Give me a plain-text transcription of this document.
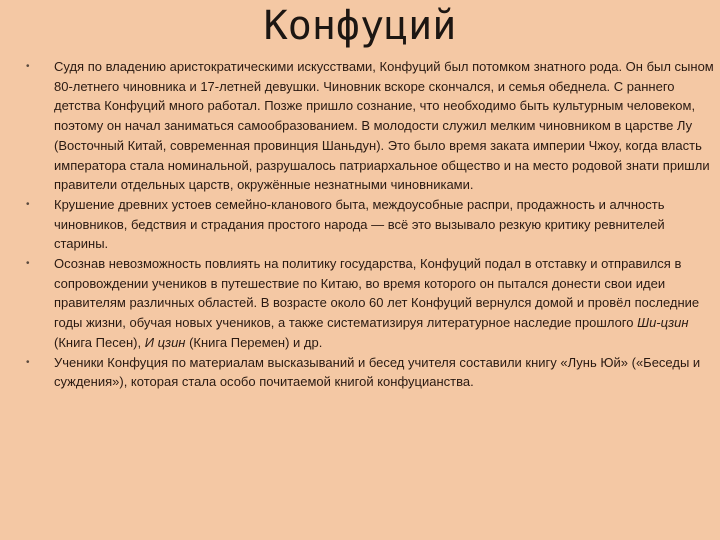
Конфуций
•	Судя по владению аристократическими искусствами, Конфуций был потомком знатного рода. Он был сыном 80-летнего чиновника и 17-летней девушки. Чиновник вскоре скончался, и семья обеднела. С раннего детства Конфуций много работал. Позже пришло сознание, что необходимо быть культурным человеком, поэтому он начал заниматься самообразованием. В молодости служил мелким чиновником в царстве Лу (Восточный Китай, современная провинция Шаньдун). Это было время заката империи Чжоу, когда власть императора стала номинальной, разрушалось патриархальное общество и на место родовой знати пришли правители отдельных царств, окружённые незнатными чиновниками.
•	Крушение древних устоев семейно-кланового быта, междоусобные распри, продажность и алчность чиновников, бедствия и страдания простого народа — всё это вызывало резкую критику ревнителей старины.
•	Осознав невозможность повлиять на политику государства, Конфуций подал в отставку и отправился в сопровождении учеников в путешествие по Китаю, во время которого он пытался донести свои идеи правителям различных областей. В возрасте около 60 лет Конфуций вернулся домой и провёл последние годы жизни, обучая новых учеников, а также систематизируя литературное наследие прошлого Ши-цзин (Книга Песен), И цзин (Книга Перемен) и др.
•	Ученики Конфуция по материалам высказываний и бесед учителя составили книгу «Лунь Юй» («Беседы и суждения»), которая стала особо почитаемой книгой конфуцианства.
